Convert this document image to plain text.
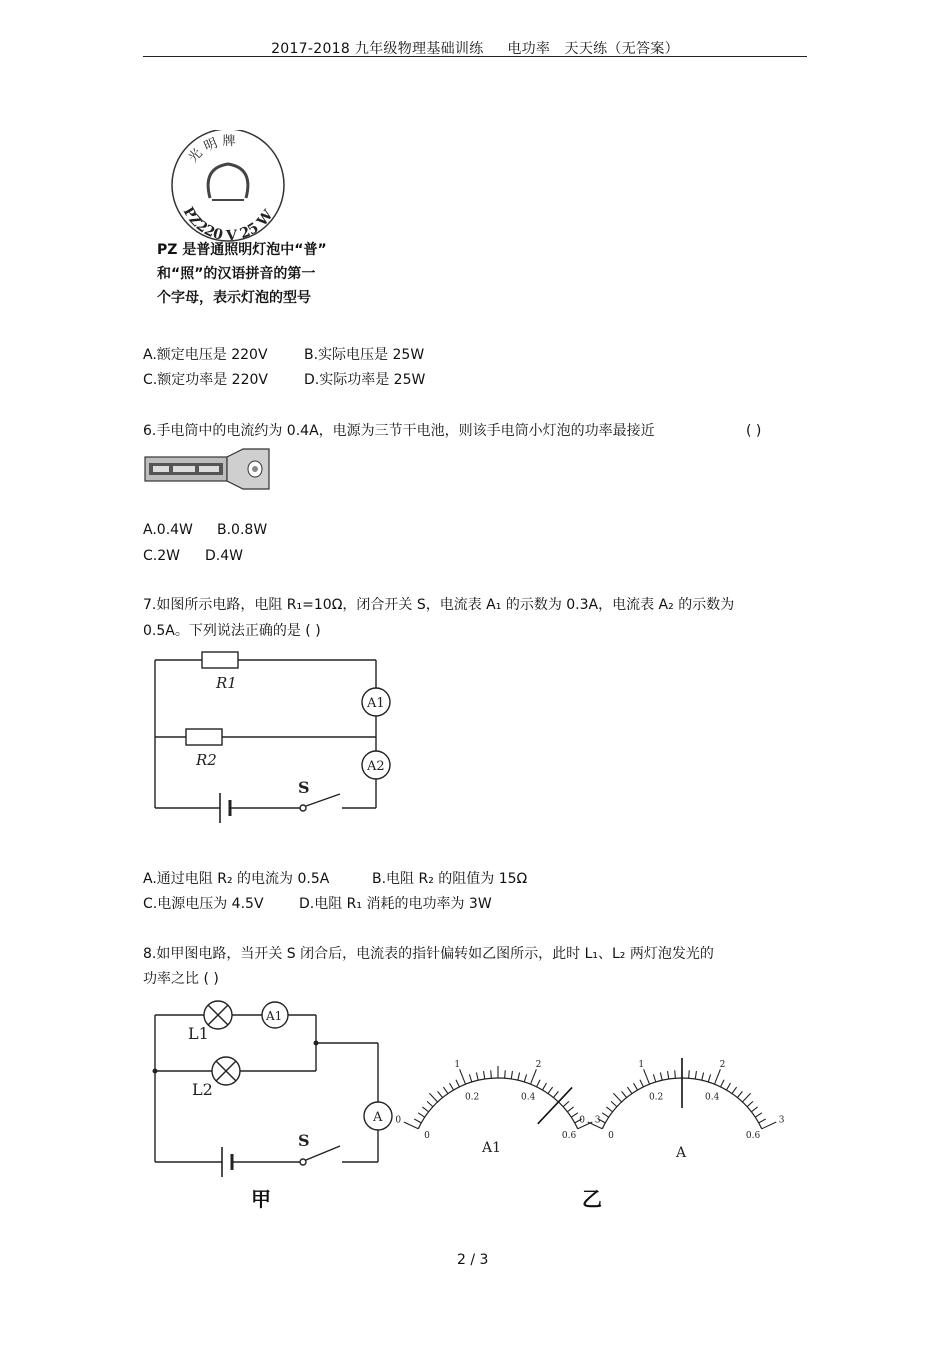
2017-2018 九年级物理基础训练 　 电功率　天天练（无答案）
光 明 牌
PZ220 V 25 W
PZ 是普通照明灯泡中“普”
和“照”的汉语拼音的第一
个字母，表示灯泡的型号
A.额定电压是 220V	B.实际电压是 25W
C.额定功率是 220V	D.实际功率是 25W
6.手电筒中的电流约为 0.4A，电源为三节干电池，则该手电筒小灯泡的功率最接近	( )
A.0.4W B.0.8W
C.2W D.4W
7.如图所示电路，电阻 R₁=10Ω，闭合开关 S，电流表 A₁ 的示数为 0.3A，电流表 A₂ 的示数为
0.5A。下列说法正确的是 ( )
R1
R2
A1
A2
S
A.通过电阻 R₂ 的电流为 0.5A	B.电阻 R₂ 的阻值为 15Ω
C.电源电压为 4.5V	D.电阻 R₁ 消耗的电功率为 3W
8.如甲图电路，当开关 S 闭合后，电流表的指针偏转如乙图所示，此时 L₁、L₂ 两灯泡发光的
功率之比 ( )
L1
L2
A1
A
S	0
0
0.2
1
0.4
2
0.6
3
0
0
0.2
1
0.4
2
0.6
3
A1	A
甲	乙
2 / 3
